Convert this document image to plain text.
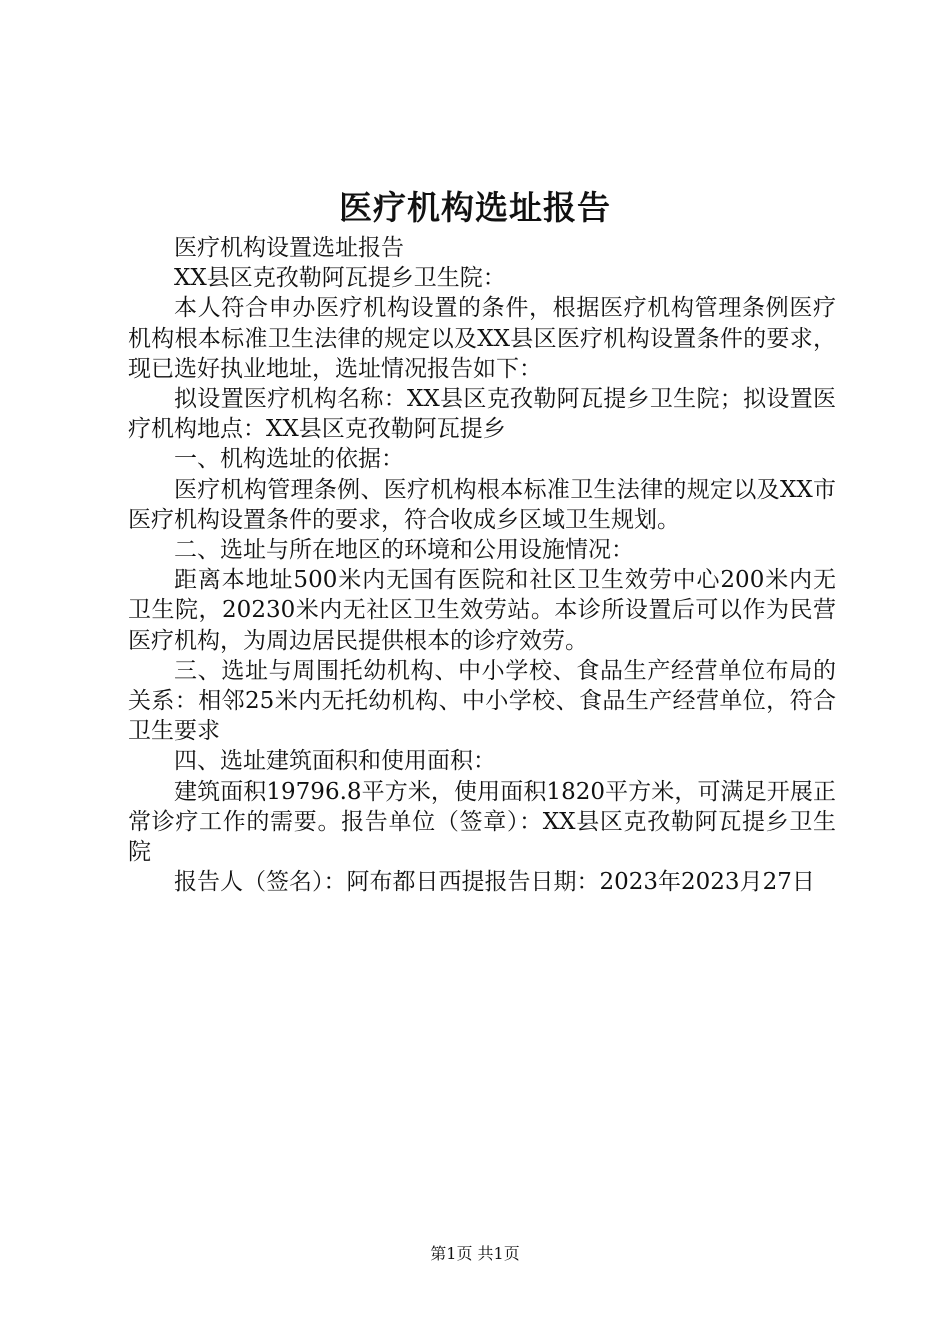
医疗机构选址报告

医疗机构设置选址报告

XX县区克孜勒阿瓦提乡卫生院：

本人符合申办医疗机构设置的条件，根据医疗机构管理条例医疗机构根本标准卫生法律的规定以及XX县区医疗机构设置条件的要求，现已选好执业地址，选址情况报告如下：

拟设置医疗机构名称：XX县区克孜勒阿瓦提乡卫生院；拟设置医疗机构地点：XX县区克孜勒阿瓦提乡

一、机构选址的依据：

医疗机构管理条例、医疗机构根本标准卫生法律的规定以及XX市医疗机构设置条件的要求，符合收成乡区域卫生规划。

二、选址与所在地区的环境和公用设施情况：

距离本地址500米内无国有医院和社区卫生效劳中心200米内无卫生院，20230米内无社区卫生效劳站。本诊所设置后可以作为民营医疗机构，为周边居民提供根本的诊疗效劳。

三、选址与周围托幼机构、中小学校、食品生产经营单位布局的关系：相邻25米内无托幼机构、中小学校、食品生产经营单位，符合卫生要求

四、选址建筑面积和使用面积：

建筑面积19796.8平方米，使用面积1820平方米，可满足开展正常诊疗工作的需要。报告单位（签章）：XX县区克孜勒阿瓦提乡卫生院

报告人（签名）：阿布都日西提报告日期：2023年2023月27日

第1页 共1页
